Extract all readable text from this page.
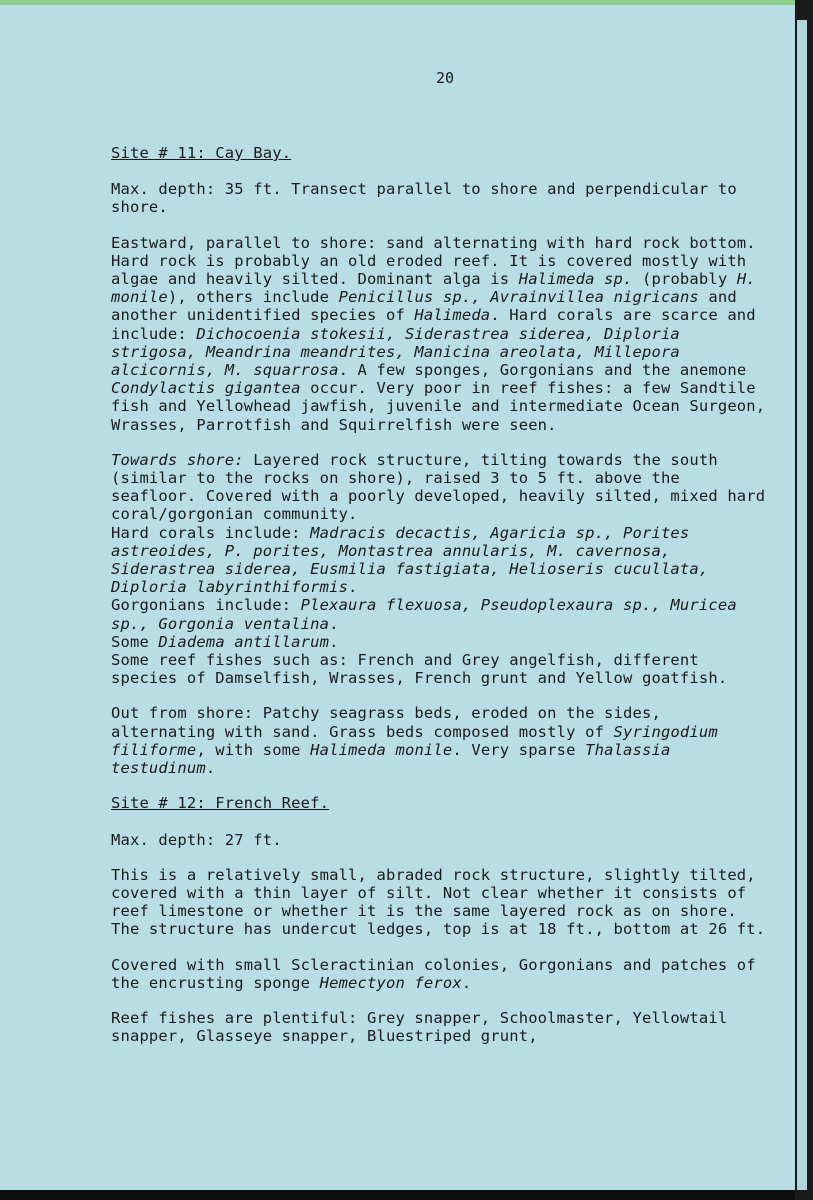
20

Site # 11: Cay Bay.

Max. depth: 35 ft. Transect parallel to shore and perpendicular to shore.

Eastward, parallel to shore: sand alternating with hard rock bottom. Hard rock is probably an old eroded reef. It is covered mostly with algae and heavily silted. Dominant alga is Halimeda sp. (probably H. monile), others include Penicillus sp., Avrainvillea nigricans and another unidentified species of Halimeda. Hard corals are scarce and include: Dichocoenia stokesii, Siderastrea siderea, Diploria strigosa, Meandrina meandrites, Manicina areolata, Millepora alcicornis, M. squarrosa. A few sponges, Gorgonians and the anemone Condylactis gigantea occur. Very poor in reef fishes: a few Sandtile fish and Yellowhead jawfish, juvenile and intermediate Ocean Surgeon, Wrasses, Parrotfish and Squirrelfish were seen.

Towards shore: Layered rock structure, tilting towards the south (similar to the rocks on shore), raised 3 to 5 ft. above the seafloor. Covered with a poorly developed, heavily silted, mixed hard coral/gorgonian community.
Hard corals include: Madracis decactis, Agaricia sp., Porites astreoides, P. porites, Montastrea annularis, M. cavernosa, Siderastrea siderea, Eusmilia fastigiata, Helioseris cucullata, Diploria labyrinthiformis.
Gorgonians include: Plexaura flexuosa, Pseudoplexaura sp., Muricea sp., Gorgonia ventalina.
Some Diadema antillarum.
Some reef fishes such as: French and Grey angelfish, different species of Damselfish, Wrasses, French grunt and Yellow goatfish.

Out from shore: Patchy seagrass beds, eroded on the sides, alternating with sand. Grass beds composed mostly of Syringodium filiforme, with some Halimeda monile. Very sparse Thalassia testudinum.

Site # 12: French Reef.

Max. depth: 27 ft.

This is a relatively small, abraded rock structure, slightly tilted, covered with a thin layer of silt. Not clear whether it consists of reef limestone or whether it is the same layered rock as on shore. The structure has undercut ledges, top is at 18 ft., bottom at 26 ft.

Covered with small Scleractinian colonies, Gorgonians and patches of the encrusting sponge Hemectyon ferox.

Reef fishes are plentiful: Grey snapper, Schoolmaster, Yellowtail snapper, Glasseye snapper, Bluestriped grunt,
